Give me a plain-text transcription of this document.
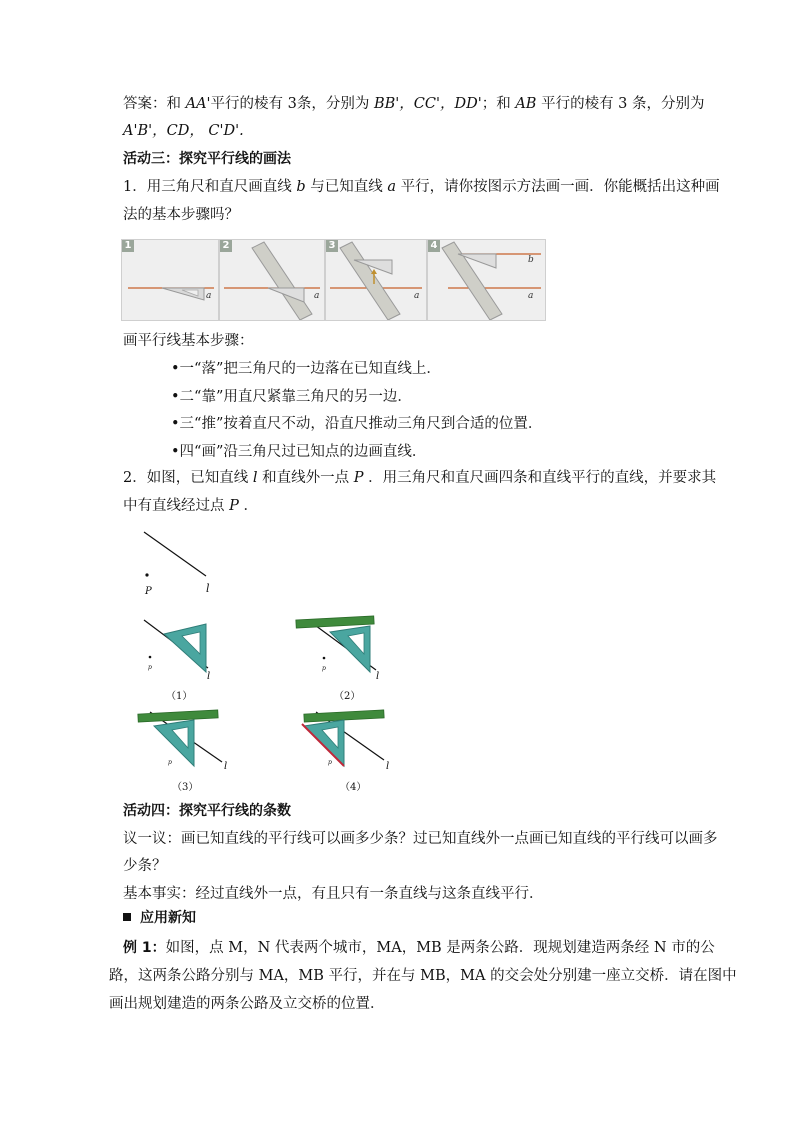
答案：和 AA'平行的棱有 3条，分别为 BB'，CC'，DD'；和 AB 平行的棱有 3 条，分别为
A'B'，CD， C'D'.
活动三：探究平行线的画法
1．用三角尺和直尺画直线 b 与已知直线 a 平行，请你按图示方法画一画．你能概括出这种画
法的基本步骤吗？
1
a
2
a
3
a
4
b
a
画平行线基本步骤：
•一“落”把三角尺的一边落在已知直线上．
•二“靠”用直尺紧靠三角尺的另一边．
•三“推”按着直尺不动，沿直尺推动三角尺到合适的位置．
•四“画”沿三角尺过已知点的边画直线．
2．如图，已知直线 l 和直线外一点 P ．用三角尺和直尺画四条和直线平行的直线，并要求其
中有直线经过点 P ．
P	l
p
l
（1）
p
l
（2）
p	l
（3）
p	l
（4）
活动四：探究平行线的条数
议一议：画已知直线的平行线可以画多少条？过已知直线外一点画已知直线的平行线可以画多
少条？
基本事实：经过直线外一点，有且只有一条直线与这条直线平行．
应用新知
例 1：如图，点 M，N 代表两个城市，MA，MB 是两条公路．现规划建造两条经 N 市的公
路，这两条公路分别与 MA，MB 平行，并在与 MB，MA 的交会处分别建一座立交桥．请在图中
画出规划建造的两条公路及立交桥的位置．
